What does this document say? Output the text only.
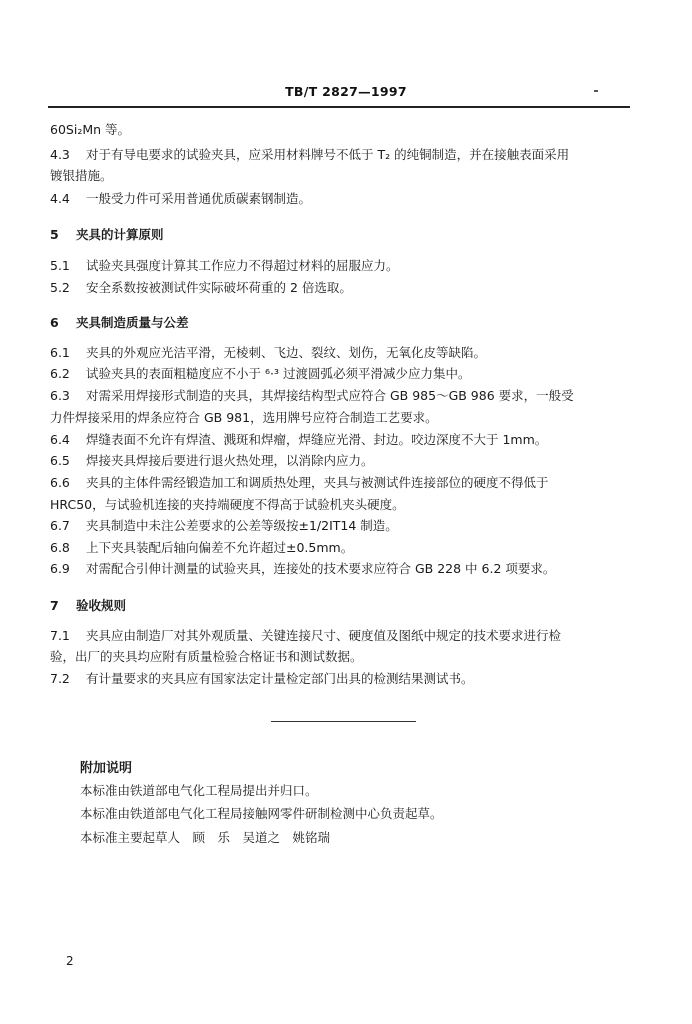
TB/T 2827—1997
60Si₂Mn 等。
4.3 对于有导电要求的试验夹具，应采用材料牌号不低于 T₂ 的纯铜制造，并在接触表面采用
镀银措施。
4.4 一般受力件可采用普通优质碳素钢制造。
5 夹具的计算原则
5.1 试验夹具强度计算其工作应力不得超过材料的屈服应力。
5.2 安全系数按被测试件实际破坏荷重的 2 倍选取。
6 夹具制造质量与公差
6.1 夹具的外观应光洁平滑，无棱刺、飞边、裂纹、划伤，无氧化皮等缺陷。
6.2 试验夹具的表面粗糙度应不小于 ⁶·³ 过渡圆弧必须平滑减少应力集中。
6.3 对需采用焊接形式制造的夹具，其焊接结构型式应符合 GB 985～GB 986 要求，一般受
力件焊接采用的焊条应符合 GB 981，选用牌号应符合制造工艺要求。
6.4 焊缝表面不允许有焊渣、溅斑和焊瘤，焊缝应光滑、封边。咬边深度不大于 1mm。
6.5 焊接夹具焊接后要进行退火热处理，以消除内应力。
6.6 夹具的主体件需经锻造加工和调质热处理，夹具与被测试件连接部位的硬度不得低于
HRC50，与试验机连接的夹持端硬度不得高于试验机夹头硬度。
6.7 夹具制造中未注公差要求的公差等级按±1/2IT14 制造。
6.8 上下夹具装配后轴向偏差不允许超过±0.5mm。
6.9 对需配合引伸计测量的试验夹具，连接处的技术要求应符合 GB 228 中 6.2 项要求。
7 验收规则
7.1 夹具应由制造厂对其外观质量、关键连接尺寸、硬度值及图纸中规定的技术要求进行检
验，出厂的夹具均应附有质量检验合格证书和测试数据。
7.2 有计量要求的夹具应有国家法定计量检定部门出具的检测结果测试书。
附加说明
本标准由铁道部电气化工程局提出并归口。
本标准由铁道部电气化工程局接触网零件研制检测中心负责起草。
本标准主要起草人　顾　乐　吴道之　姚铭瑞
2
